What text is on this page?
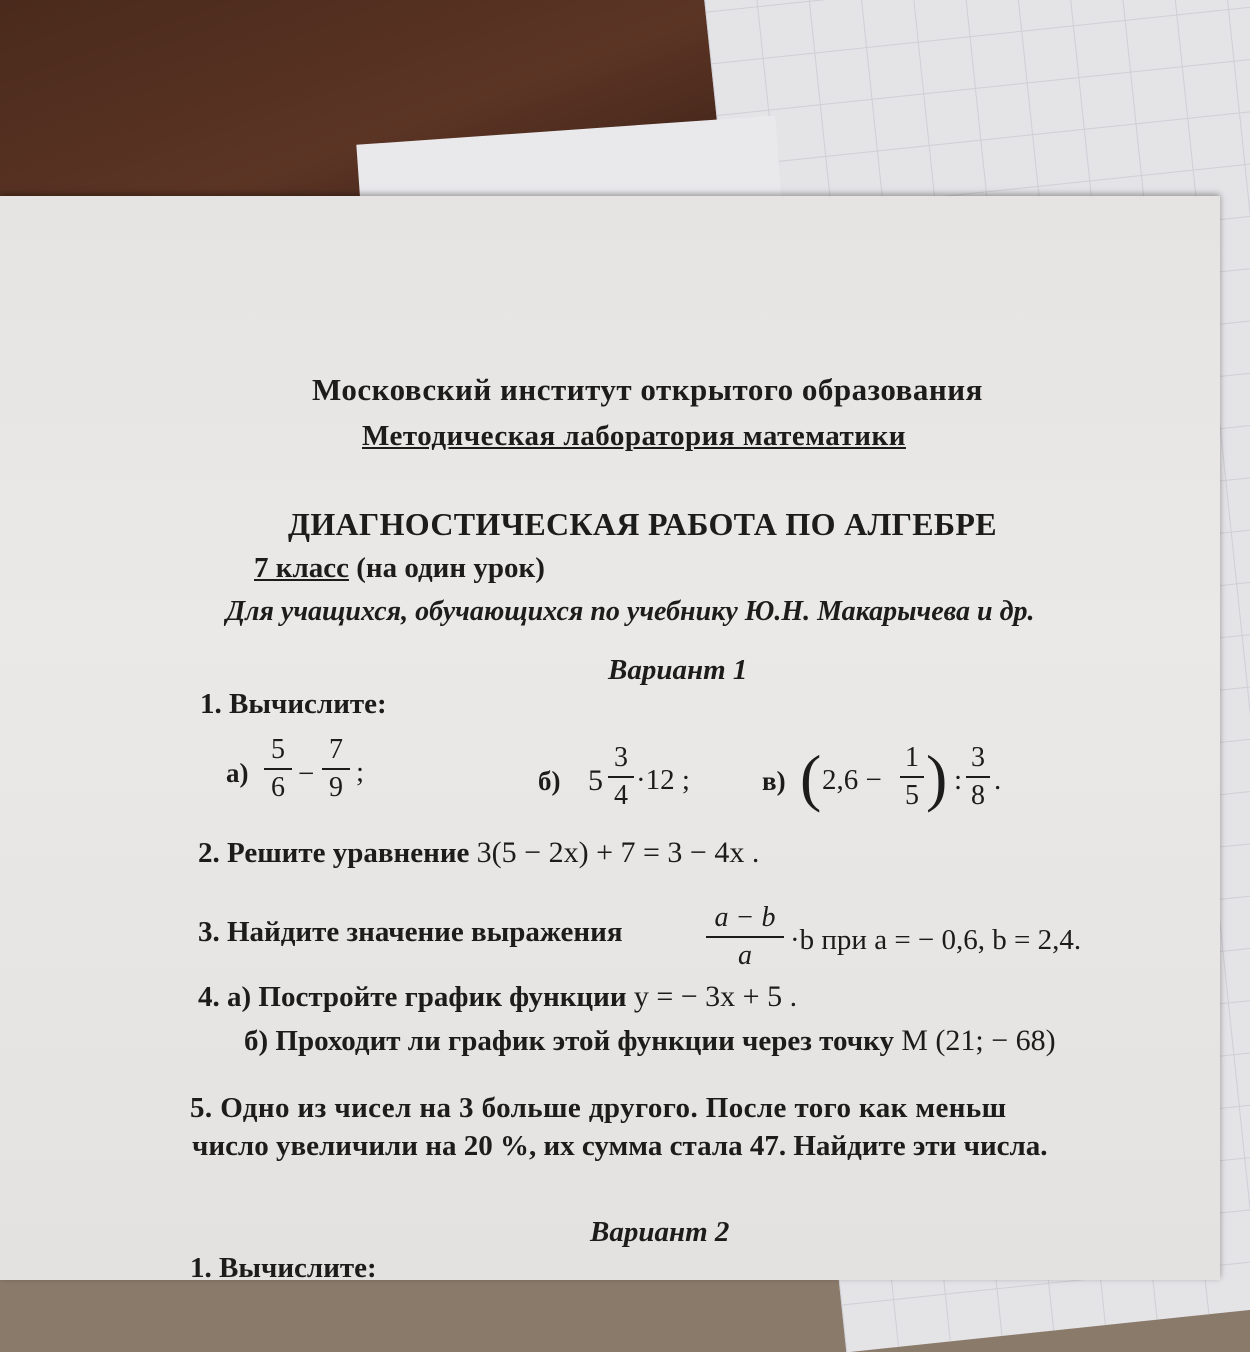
Московский институт открытого образования
Методическая лаборатория математики
ДИАГНОСТИЧЕСКАЯ РАБОТА ПО АЛГЕБРЕ
7 класс (на один урок)
Для учащихся, обучающихся по учебнику Ю.Н. Макарычева и др.
Вариант 1
1. Вычислите:
а)
5
6 −
7
9 ;	б) 5
3
4 ·12 ;	в) ( 2,6 −
1
5 ) :
3
8 .
2. Решите уравнение 3(5 − 2x) + 7 = 3 − 4x .
3. Найдите значение выражения	a − b
a	·b при a = − 0,6, b = 2,4.
4. а) Постройте график функции y = − 3x + 5 .
б) Проходит ли график этой функции через точку M (21; − 68)
5. Одно из чисел на 3 больше другого. После того как меньш
число увеличили на 20 %, их сумма стала 47. Найдите эти числа.
Вариант 2
1. Вычислите:
